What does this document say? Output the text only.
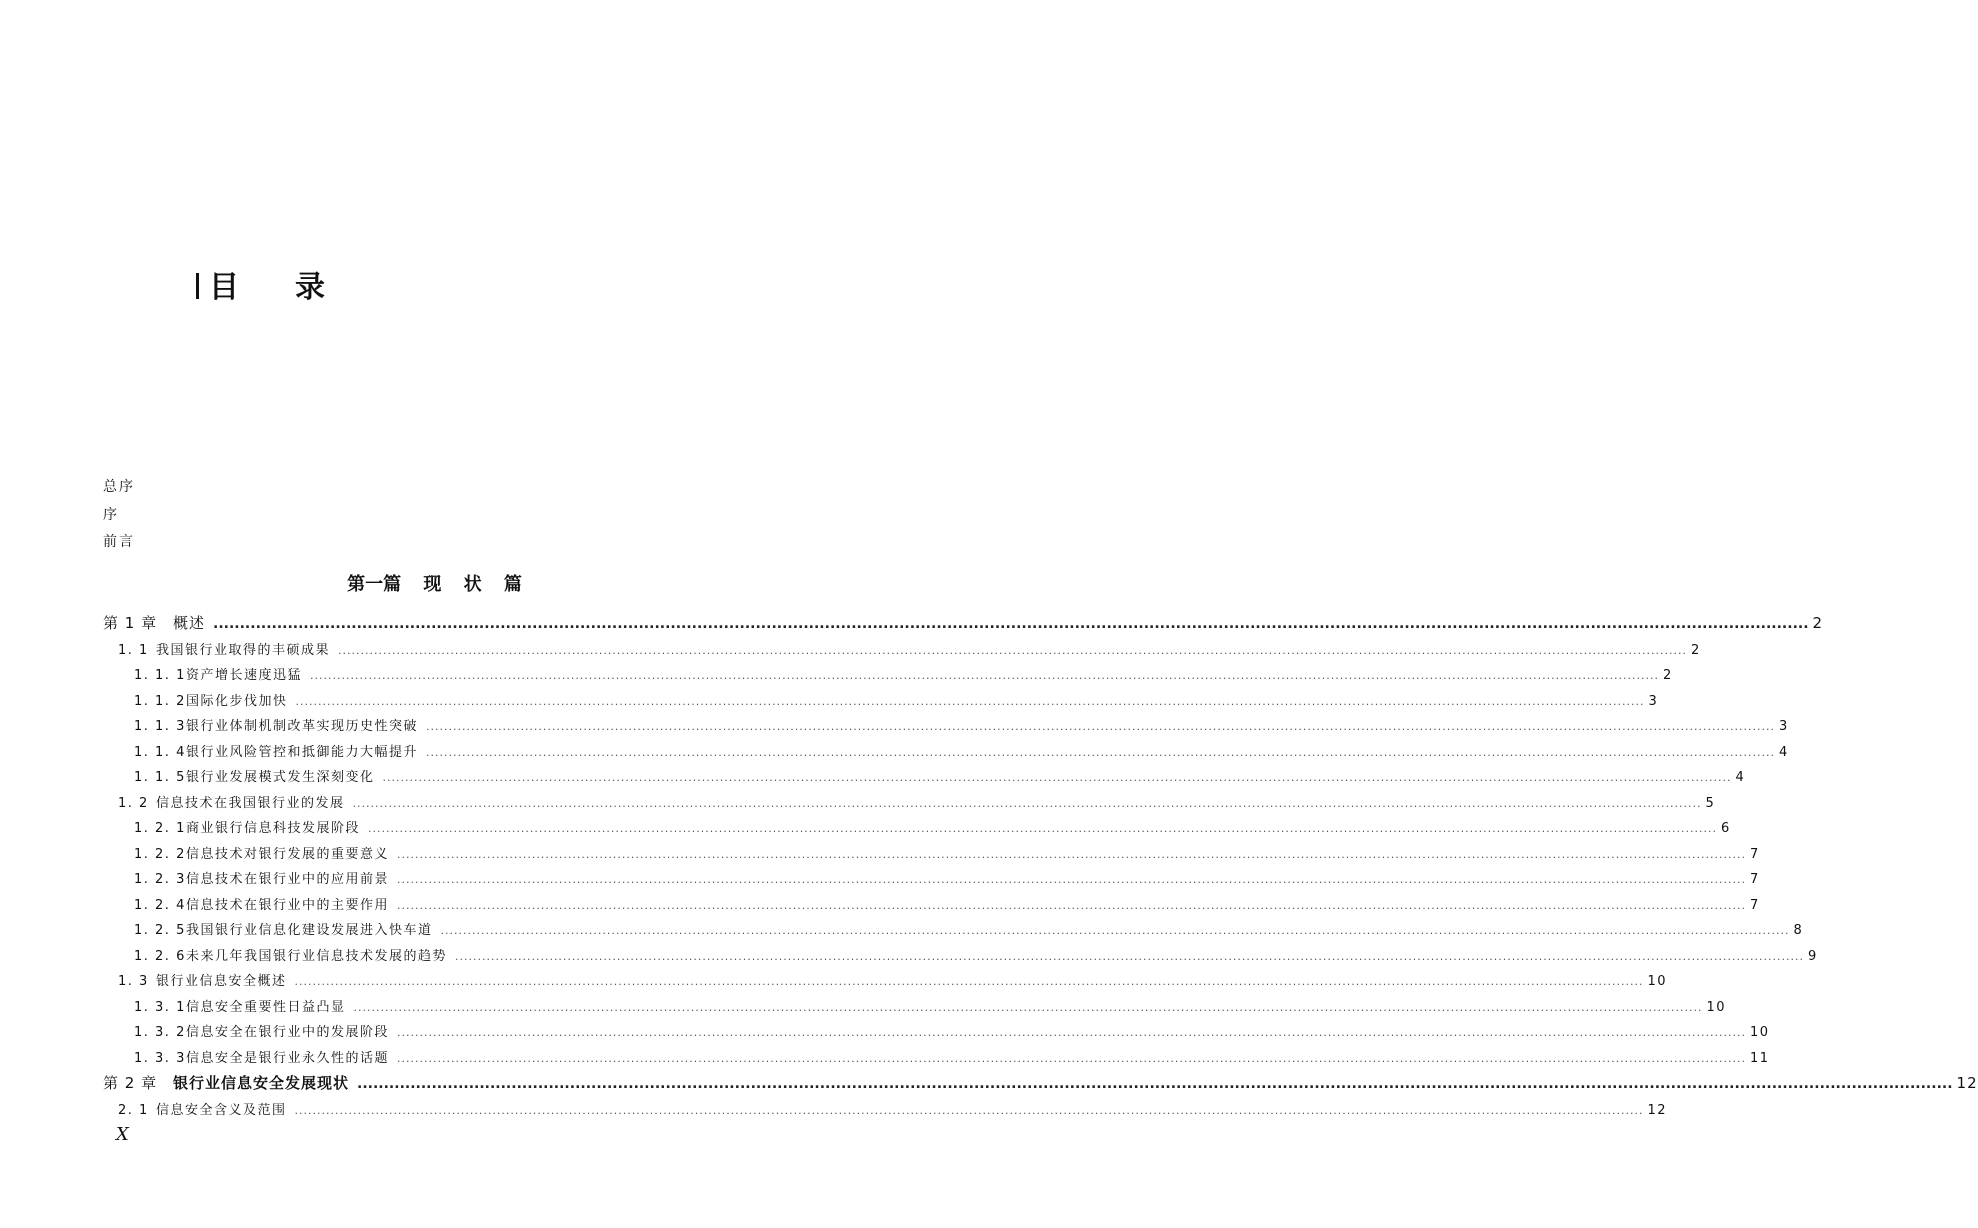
目 录
总序
序
前言
第一篇 现 状 篇
第 1 章	概述 ............................................................................................................................................................................................................................................................................................................ 2
1. 1 我国银行业取得的丰硕成果 ............................................................................................................................................................................................................................................................................................................ 2
1. 1. 1 资产增长速度迅猛 ............................................................................................................................................................................................................................................................................................................ 2
1. 1. 2 国际化步伐加快 ............................................................................................................................................................................................................................................................................................................ 3
1. 1. 3 银行业体制机制改革实现历史性突破 ............................................................................................................................................................................................................................................................................................................ 3
1. 1. 4 银行业风险管控和抵御能力大幅提升 ............................................................................................................................................................................................................................................................................................................ 4
1. 1. 5 银行业发展模式发生深刻变化 ............................................................................................................................................................................................................................................................................................................ 4
1. 2 信息技术在我国银行业的发展 ............................................................................................................................................................................................................................................................................................................ 5
1. 2. 1 商业银行信息科技发展阶段 ............................................................................................................................................................................................................................................................................................................ 6
1. 2. 2 信息技术对银行发展的重要意义 ............................................................................................................................................................................................................................................................................................................ 7
1. 2. 3 信息技术在银行业中的应用前景 ............................................................................................................................................................................................................................................................................................................ 7
1. 2. 4 信息技术在银行业中的主要作用 ............................................................................................................................................................................................................................................................................................................ 7
1. 2. 5 我国银行业信息化建设发展进入快车道 ............................................................................................................................................................................................................................................................................................................ 8
1. 2. 6 未来几年我国银行业信息技术发展的趋势 ............................................................................................................................................................................................................................................................................................................ 9
1. 3 银行业信息安全概述 ............................................................................................................................................................................................................................................................................................................ 10
1. 3. 1 信息安全重要性日益凸显 ............................................................................................................................................................................................................................................................................................................ 10
1. 3. 2 信息安全在银行业中的发展阶段 ............................................................................................................................................................................................................................................................................................................ 10
1. 3. 3 信息安全是银行业永久性的话题 ............................................................................................................................................................................................................................................................................................................ 11
第 2 章	银行业信息安全发展现状 ............................................................................................................................................................................................................................................................................................................ 12
2. 1 信息安全含义及范围 ............................................................................................................................................................................................................................................................................................................ 12
X
